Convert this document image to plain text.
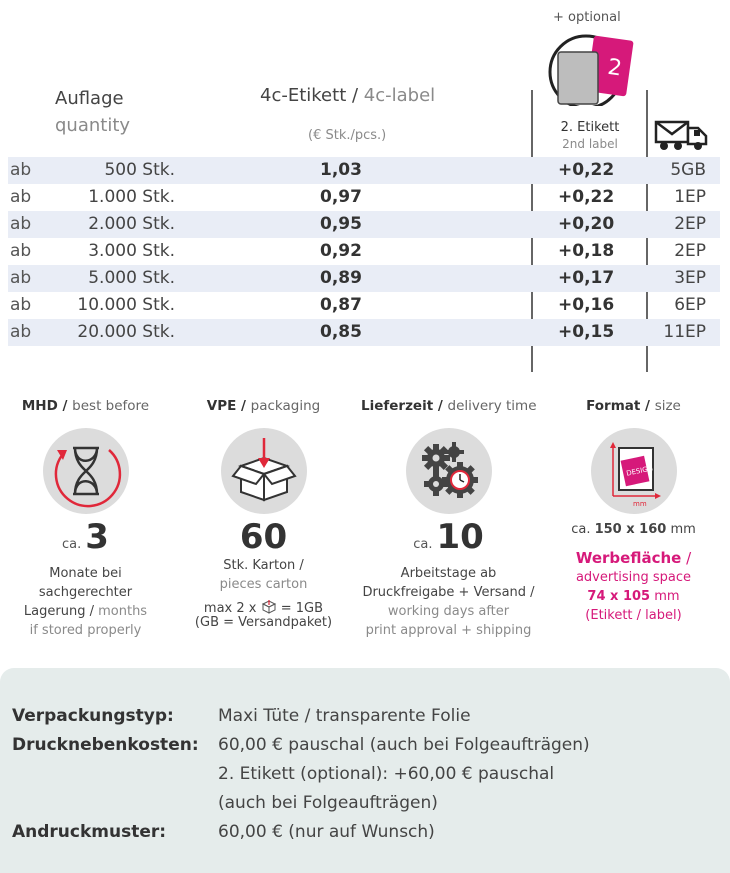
Auflage
quantity
4c-Etikett / 4c-label
(€ Stk./pcs.)
+ optional
2
2. Etikett
2nd label
ab	500 Stk.	1,03	+0,22	5GB
ab	1.000 Stk.	0,97	+0,22	1EP
ab	2.000 Stk.	0,95	+0,20	2EP
ab	3.000 Stk.	0,92	+0,18	2EP
ab	5.000 Stk.	0,89	+0,17	3EP
ab	10.000 Stk.	0,87	+0,16	6EP
ab	20.000 Stk.	0,85	+0,15	11EP
MHD / best before
ca. 3
Monate bei
sachgerechter
Lagerung / months
if stored properly
VPE / packaging
60
Stk. Karton /
pieces carton
max 2 x = 1GB
(GB = Versandpaket)
Lieferzeit / delivery time
ca. 10
Arbeitstage ab
Druckfreigabe + Versand /
working days after
print approval + shipping
Format / size
DESIGN
mm
ca. 150 x 160 mm
Werbefläche /
advertising space
74 x 105 mm
(Etikett / label)
Verpackungstyp:	Maxi Tüte / transparente Folie
Drucknebenkosten: 60,00 € pauschal (auch bei Folgeaufträgen)
2. Etikett (optional): +60,00 € pauschal
(auch bei Folgeaufträgen)
Andruckmuster:	60,00 € (nur auf Wunsch)
